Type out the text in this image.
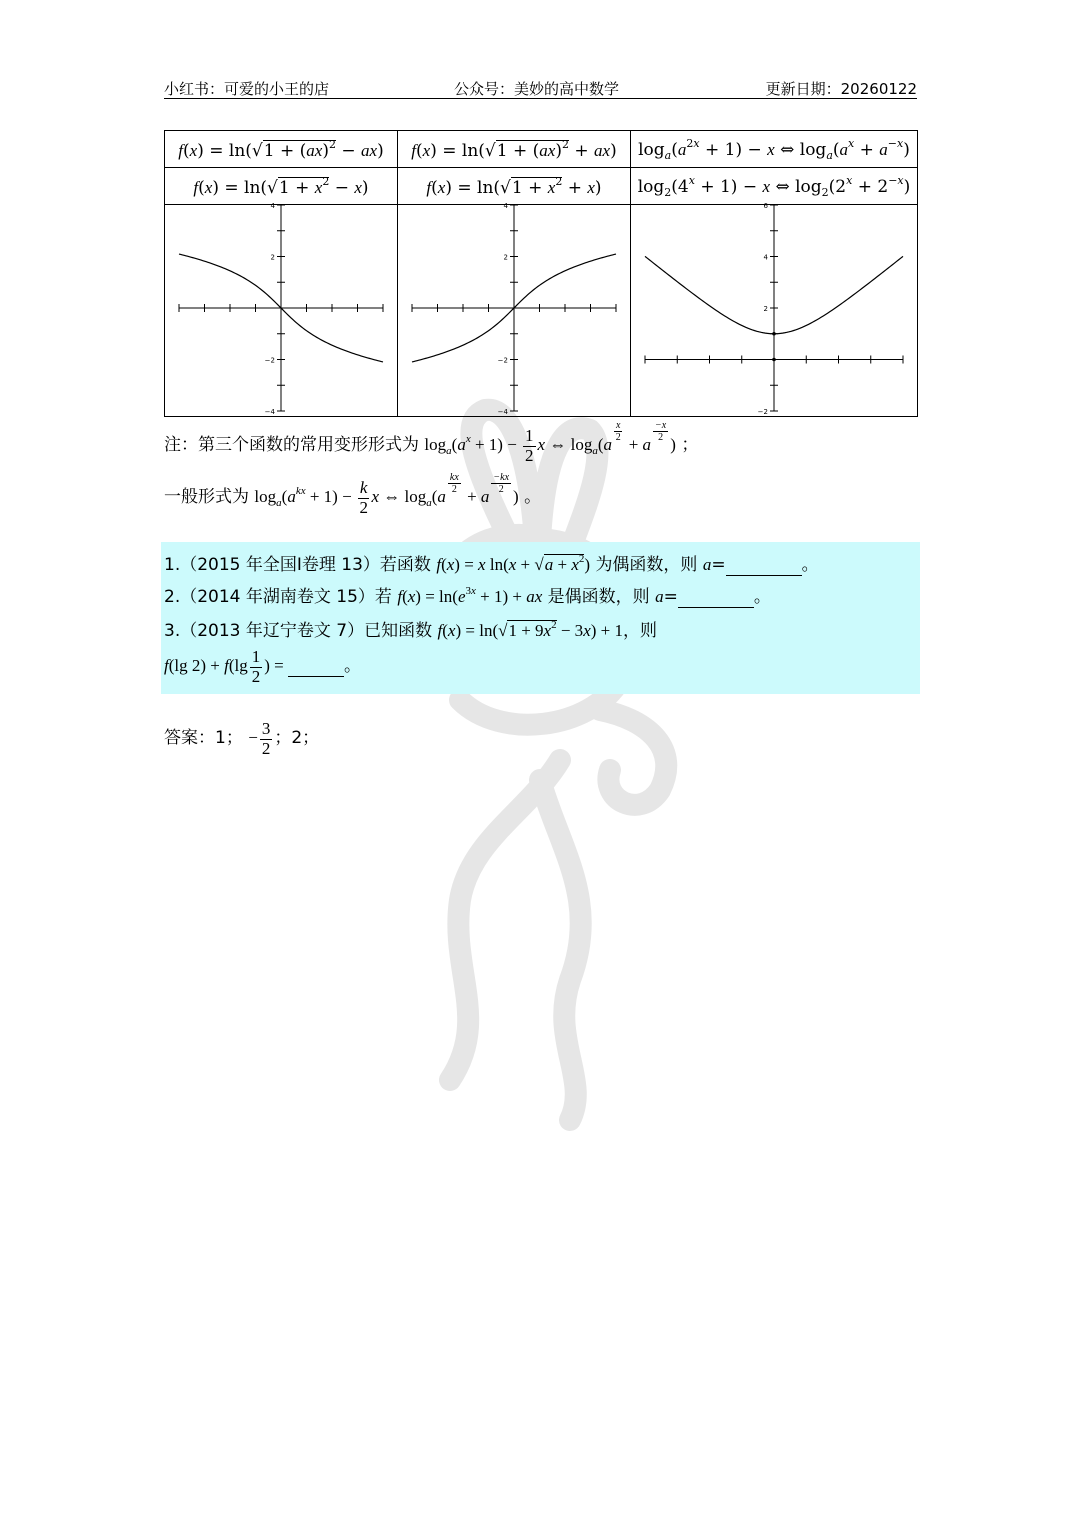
小红书：可爱的小王的店	公众号：美妙的高中数学	更新日期：20260122
f(x) = ln(√1 + (ax)$^2$ − ax)	f(x) = ln(√1 + (ax)$^2$ + ax)	$\log_a(a^{2x} + 1) - x$ ⇔ $\log_a(a^x + a^{-x})$
$f(x) = \ln(√1 + x^2 - x)$	$f(x) = \ln(√1 + x^2 + x)$	$\log_2(4^x + 1) - x$ ⇔ $\log_2(2^x + 2^{-x})$

−4
−2
2
4	−4
−2
2
4	−2
2
4
6
注：第三个函数的常用变形形式为 $\log_a(a^x + 1) - \frac{1}{2}$ x ⇔ $\log_a(a$
$\frac{x}{2}$
+ a
$\frac{-x}{2}$
) ；
一般形式为 $\log_a(a^{kx} + 1) - \frac{k}{2}$ x ⇔ $\log_a(a$
$\frac{kx}{2}$
+ a
$\frac{-kx}{2}$
) 。
1.（2015 年全国Ⅰ卷理 13）若函数 f(x) = x $\ln(x + √a + x^2)$ 为偶函数，则 a=	。
2.（2014 年湖南卷文 15）若 $f(x) = \ln(e^{3x} + 1)$ + ax 是偶函数，则 a=	。
3.（2013 年辽宁卷文 7）已知函数 $f(x) = \ln(√1 + 9x^2 - 3x) + 1$，则
f(lg $2) + f(\lg \frac{1}{2}$ ) =	。
答案：1； − $\frac{3}{2}$ ；2；
